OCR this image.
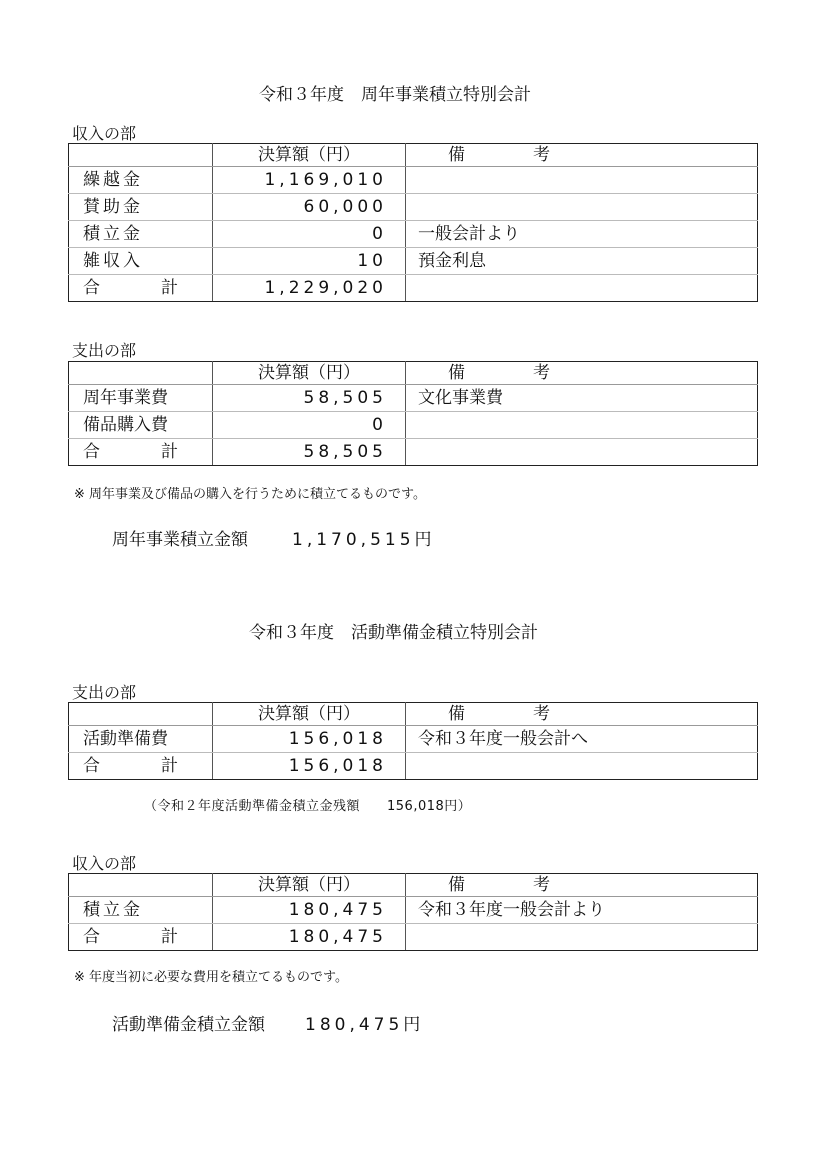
令和３年度　周年事業積立特別会計
収入の部
	決算額（円）	備 考
繰越金	1,169,010	
賛助金	60,000	
積立金	0	一般会計より
雑収入	10	預金利息
合 計	1,229,020	
支出の部
	決算額（円）	備 考
周年事業費	58,505	文化事業費
備品購入費	0	
合 計	58,505	
※ 周年事業及び備品の購入を行うために積立てるものです。
周年事業積立金額	1,170,515円
令和３年度　活動準備金積立特別会計
支出の部
	決算額（円）	備 考
活動準備費	156,018	令和３年度一般会計へ
合 計	156,018	
（令和２年度活動準備金積立金残額　　156,018円）
収入の部
	決算額（円）	備 考
積立金	180,475	令和３年度一般会計より
合 計	180,475	
※ 年度当初に必要な費用を積立てるものです。
活動準備金積立金額 180,475円
